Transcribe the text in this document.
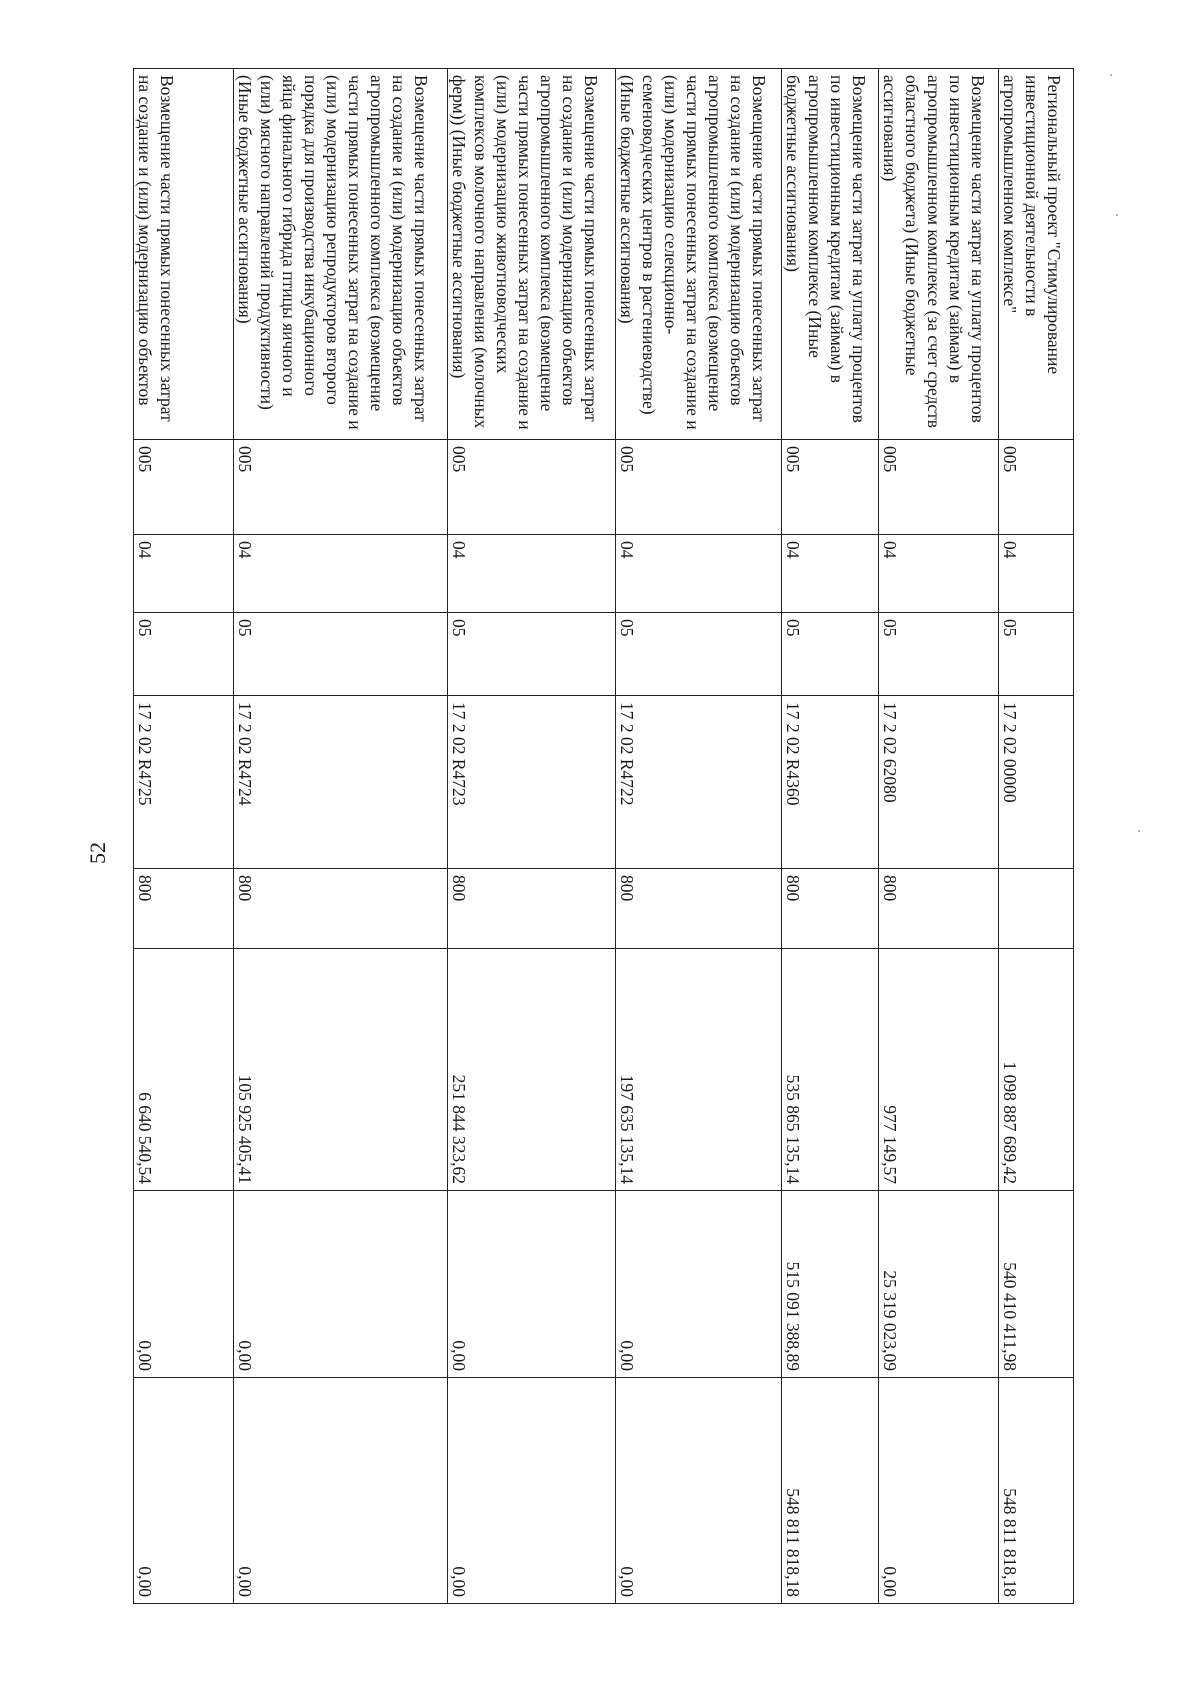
52
Региональный проект "Стимулирование инвестиционной деятельности в агропромышленном комплексе"	005	04	05	17 2 02 00000		1 098 887 689,42	540 410 411,98	548 811 818,18
Возмещение части затрат на уплату процентов по инвестиционным кредитам (займам) в агропромышленном комплексе (за счет средств областного бюджета) (Иные бюджетные ассигнования)	005	04	05	17 2 02 62080	800	977 149,57	25 319 023,09	0,00
Возмещение части затрат на уплату процентов по инвестиционным кредитам (займам) в агропромышленном комплексе (Иные бюджетные ассигнования)	005	04	05	17 2 02 R4360	800	535 865 135,14	515 091 388,89	548 811 818,18
Возмещение части прямых понесенных затрат на создание и (или) модернизацию объектов агропромышленного комплекса (возмещение части прямых понесенных затрат на создание и (или) модернизацию селекционно-семеноводческих центров в растениеводстве) (Иные бюджетные ассигнования)	005	04	05	17 2 02 R4722	800	197 635 135,14	0,00	0,00
Возмещение части прямых понесенных затрат на создание и (или) модернизацию объектов агропромышленного комплекса (возмещение части прямых понесенных затрат на создание и (или) модернизацию животноводческих комплексов молочного направления (молочных ферм)) (Иные бюджетные ассигнования)	005	04	05	17 2 02 R4723	800	251 844 323,62	0,00	0,00
Возмещение части прямых понесенных затрат на создание и (или) модернизацию объектов агропромышленного комплекса (возмещение части прямых понесенных затрат на создание и (или) модернизацию репродукторов второго порядка для производства инкубационного яйца финального гибрида птицы яичного и (или) мясного направлений продуктивности) (Иные бюджетные ассигнования)	005	04	05	17 2 02 R4724	800	105 925 405,41	0,00	0,00
Возмещение части прямых понесенных затрат на создание и (или) модернизацию объектов	005	04	05	17 2 02 R4725	800	6 640 540,54	0,00	0,00
